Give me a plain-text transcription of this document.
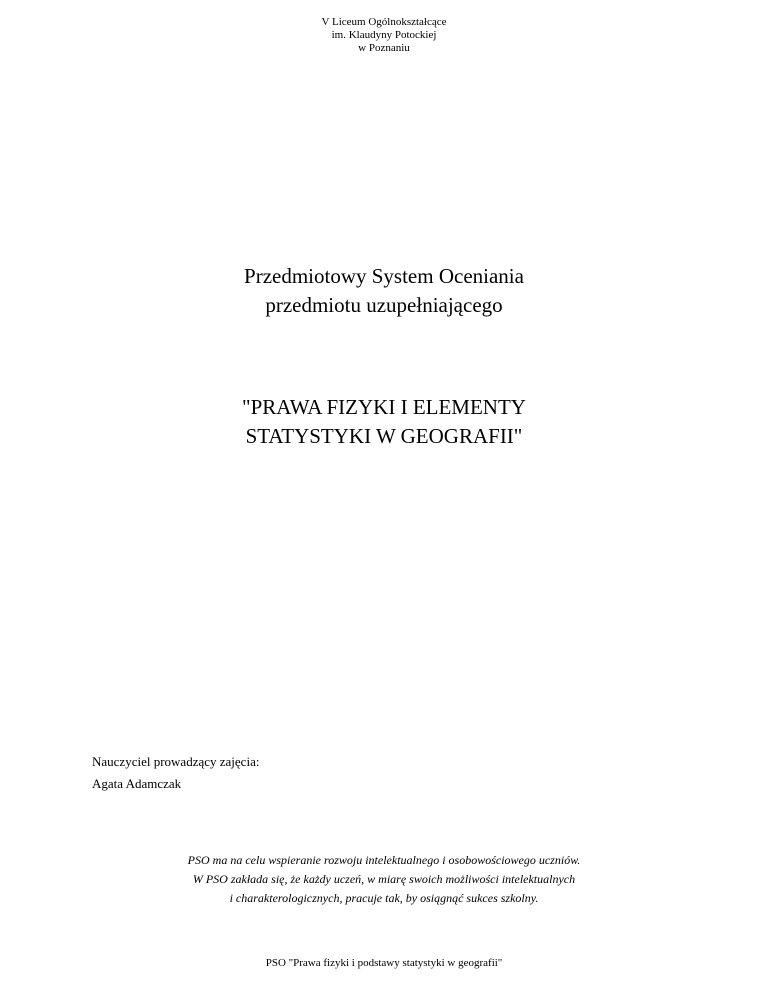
V Liceum Ogólnokształcące
im. Klaudyny Potockiej
w Poznaniu
Przedmiotowy System Oceniania
przedmiotu uzupełniającego
"PRAWA FIZYKI I ELEMENTY
STATYSTYKI W GEOGRAFII"
Nauczyciel prowadzący zajęcia:
Agata Adamczak
PSO ma na celu wspieranie rozwoju intelektualnego i osobowościowego uczniów.
W PSO zakłada się, że każdy uczeń, w miarę swoich możliwości intelektualnych
i charakterologicznych, pracuje tak, by osiągnąć sukces szkolny.
PSO "Prawa fizyki i podstawy statystyki w geografii"
